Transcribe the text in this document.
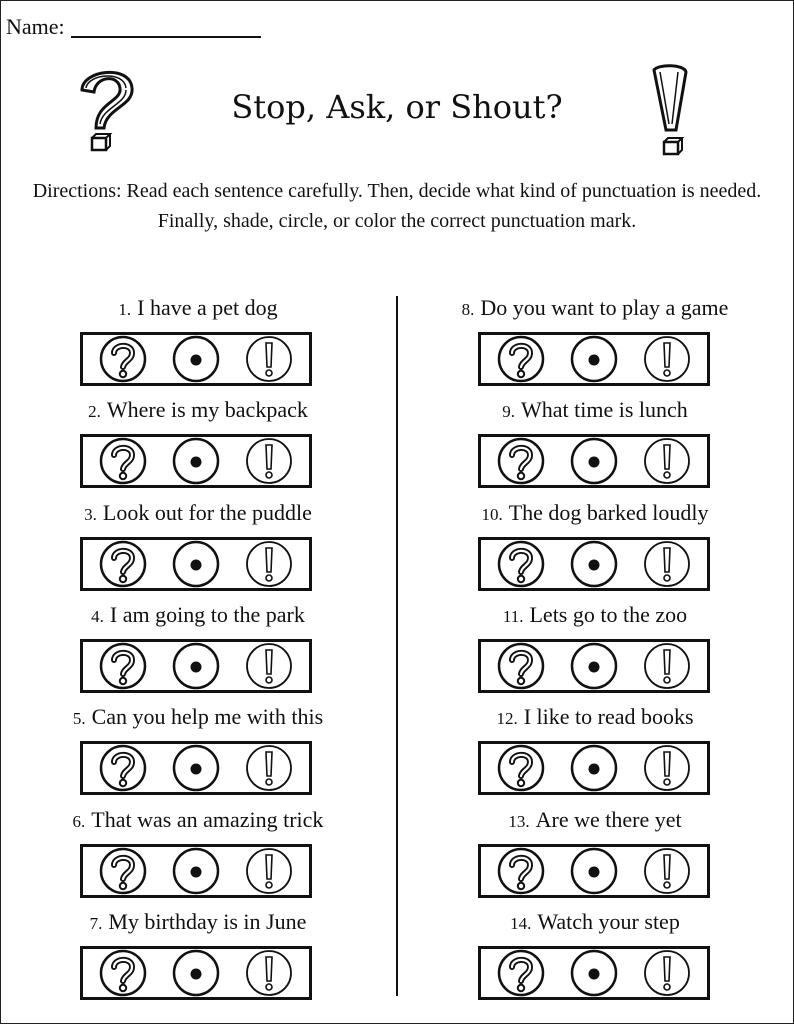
Name:
Stop, Ask, or Shout?

Directions: Read each sentence carefully. Then, decide what kind of punctuation is needed. Finally, shade, circle, or color the correct punctuation mark.

1. I have a pet dog
2. Where is my backpack
3. Look out for the puddle
4. I am going to the park
5. Can you help me with this
6. That was an amazing trick
7. My birthday is in June
8. Do you want to play a game
9. What time is lunch
10. The dog barked loudly
11. Lets go to the zoo
12. I like to read books
13. Are we there yet
14. Watch your step
